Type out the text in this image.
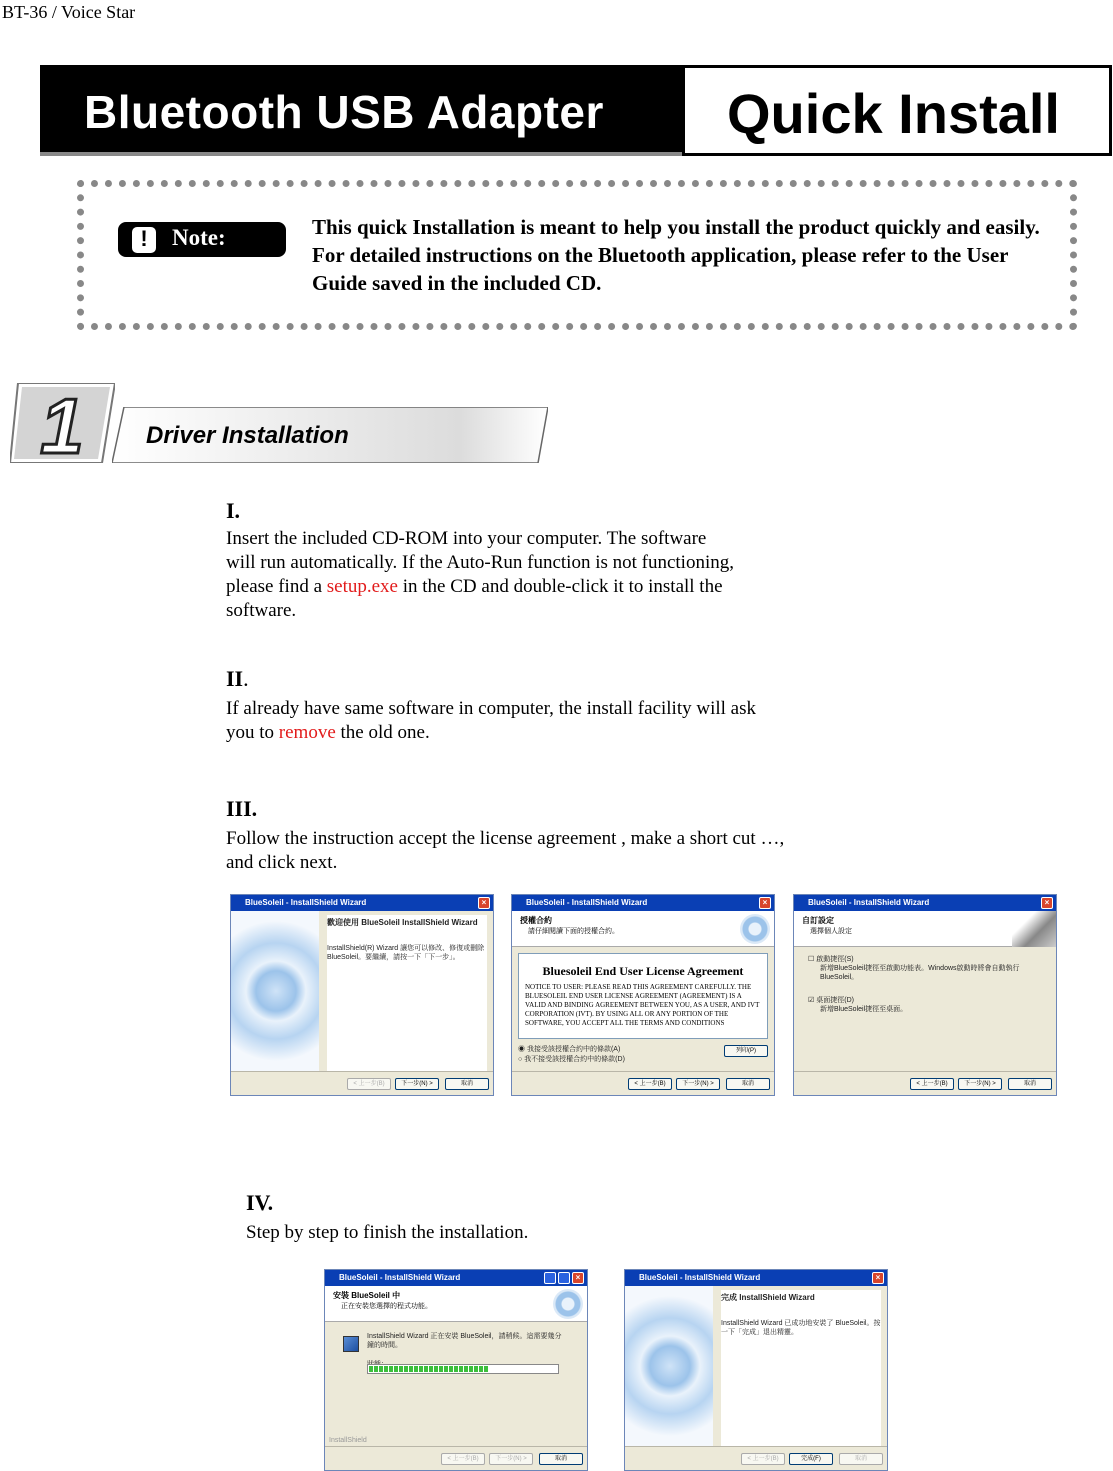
BT-36 / Voice Star
Bluetooth USB Adapter Quick Install
!
Note:	This quick Installation is meant to help you install the product quickly and easily. For detailed instructions on the Bluetooth application, please refer to the User Guide saved in the included CD.
1	Driver Installation
I.
Insert the included CD-ROM into your computer. The software will run automatically. If the Auto-Run function is not functioning, please find a setup.exe in the CD and double-click it to install the software.
II.
If already have same software in computer, the install facility will ask you to remove the old one.
III.
Follow the instruction accept the license agreement , make a short cut …, and click next.
BlueSoleil - InstallShield Wizard	×
歡迎使用 BlueSoleil InstallShield Wizard
InstallShield(R) Wizard 讓您可以修改、修復或刪除 BlueSoleil。要繼續，請按一下「下一步」。
< 上一步(B)	下一步(N) >	取消
BlueSoleil - InstallShield Wizard	×
授權合約
請仔細閱讀下面的授權合約。
Bluesoleil End User License Agreement

NOTICE TO USER: PLEASE READ THIS AGREEMENT CAREFULLY. THE BLUESOLEIL END USER LICENSE AGREEMENT (AGREEMENT) IS A VALID AND BINDING AGREEMENT BETWEEN YOU, AS A USER, AND IVT CORPORATION (IVT). BY USING ALL OR ANY PORTION OF THE SOFTWARE, YOU ACCEPT ALL THE TERMS AND CONDITIONS

◉ 我接受該授權合約中的條款(A)
○ 我不接受該授權合約中的條款(D)
列印(P)
< 上一步(B)	下一步(N) >	取消
BlueSoleil - InstallShield Wizard	×
自訂設定
選擇個人設定
☐ 啟動捷徑(S)
新增BlueSoleil捷徑至啟動功能表。Windows啟動時將會自動執行BlueSoleil。
☑ 桌面捷徑(D)
新增BlueSoleil捷徑至桌面。
< 上一步(B)	下一步(N) >	取消
IV.
Step by step to finish the installation.
BlueSoleil - InstallShield Wizard	×
安裝 BlueSoleil 中
正在安裝您選擇的程式功能。
InstallShield Wizard 正在安裝 BlueSoleil，請稍候。這需要幾分鐘的時間。
InstallShield
< 上一步(B)	下一步(N) >	取消
BlueSoleil - InstallShield Wizard	×
完成 InstallShield Wizard
InstallShield Wizard 已成功地安裝了 BlueSoleil。按一下「完成」退出精靈。
< 上一步(B)	完成(F)	取消
